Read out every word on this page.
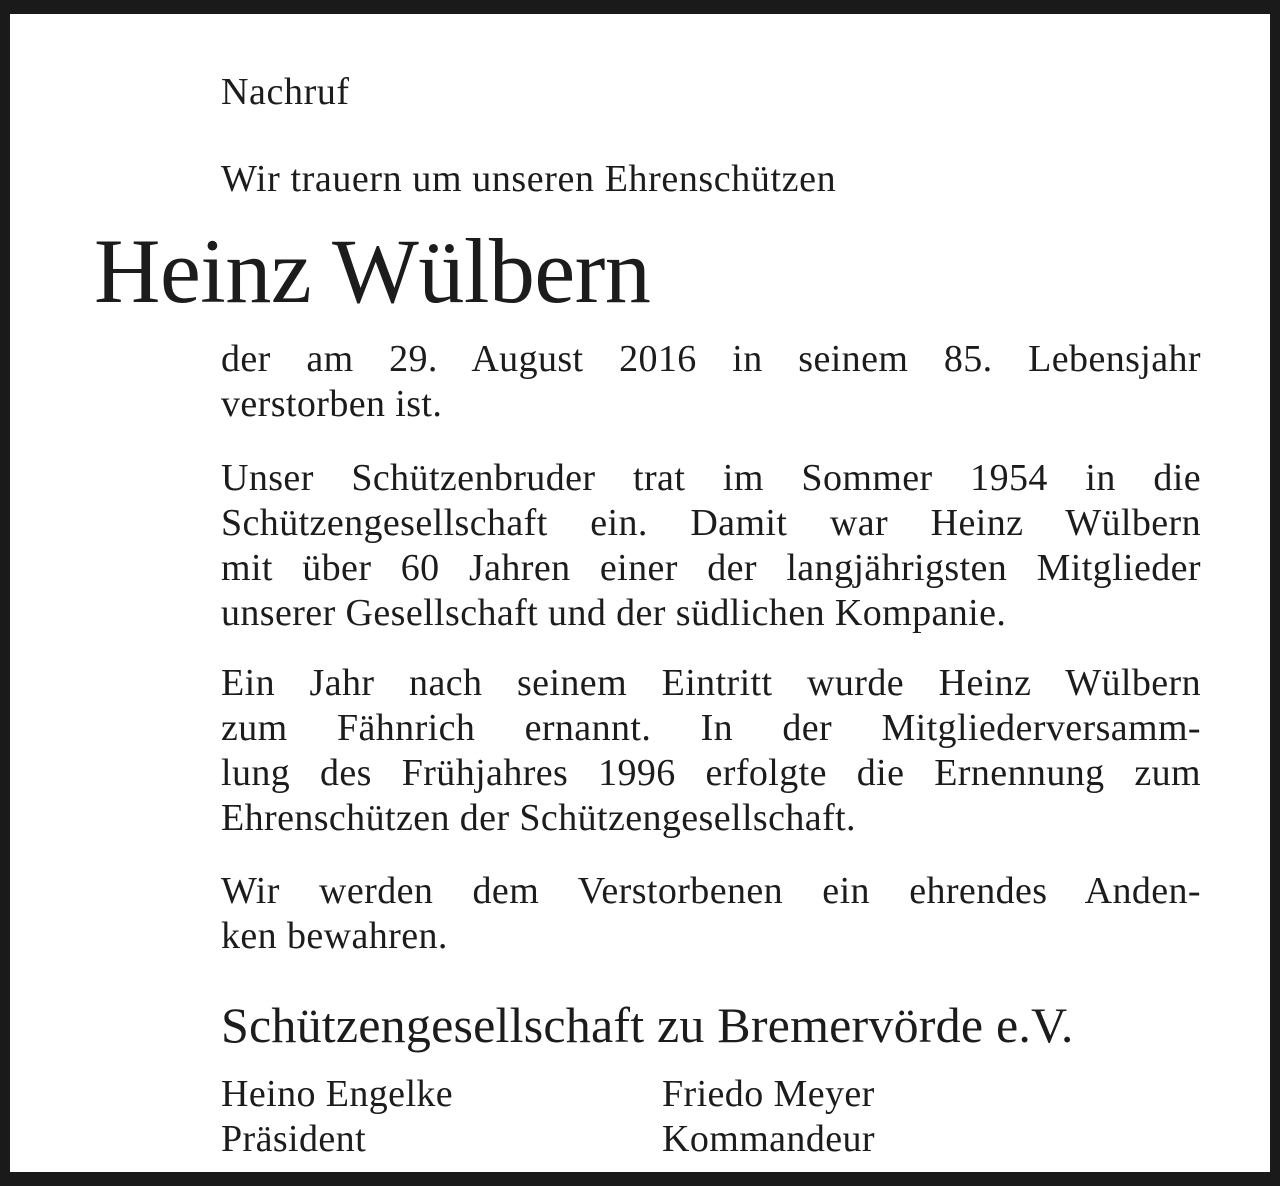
Nachruf

Wir trauern um unseren Ehrenschützen

Heinz Wülbern

der am 29. August 2016 in seinem 85. Lebensjahr
verstorben ist.
Unser Schützenbruder trat im Sommer 1954 in die
Schützengesellschaft ein. Damit war Heinz Wülbern
mit über 60 Jahren einer der langjährigsten Mitglieder
unserer Gesellschaft und der südlichen Kompanie.
Ein Jahr nach seinem Eintritt wurde Heinz Wülbern
zum Fähnrich ernannt. In der Mitgliederversamm-
lung des Frühjahres 1996 erfolgte die Ernennung zum
Ehrenschützen der Schützengesellschaft.
Wir werden dem Verstorbenen ein ehrendes Anden-
ken bewahren.

Schützengesellschaft zu Bremervörde e.V.

Heino Engelke
Präsident
Friedo Meyer
Kommandeur
